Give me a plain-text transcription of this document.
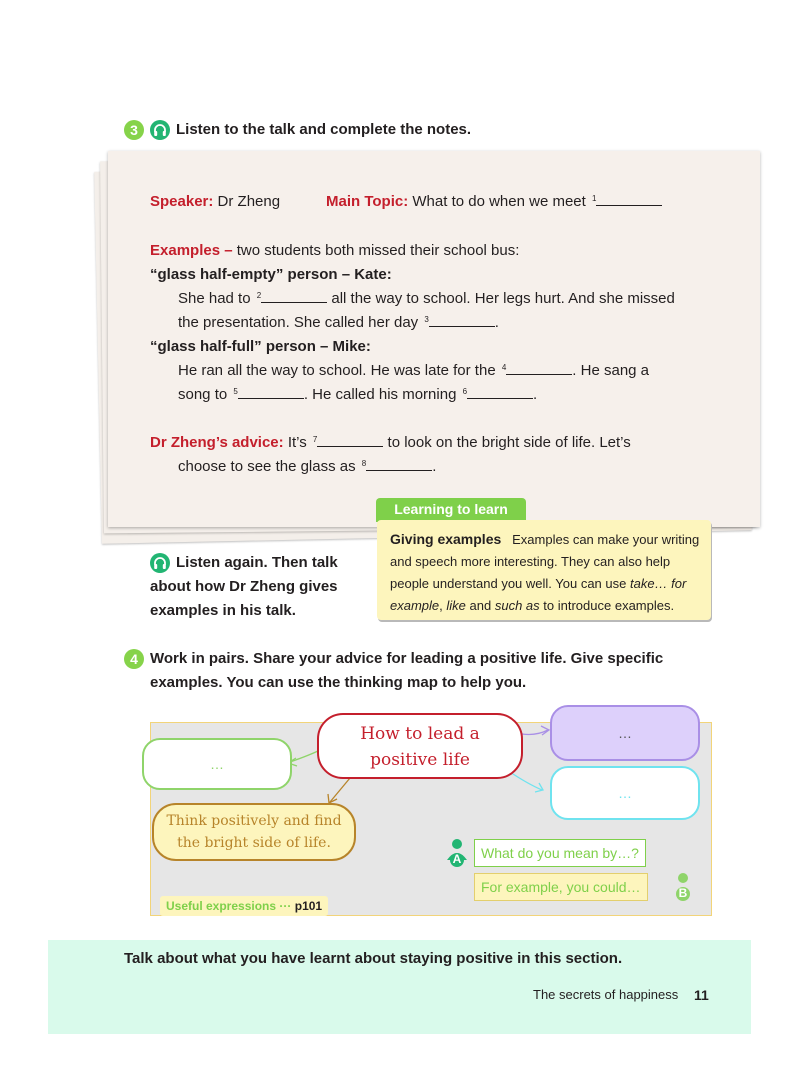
3	Listen to the talk and complete the notes.
Speaker: Dr Zheng	Main Topic: What to do when we meet $^1$
Examples – two students both missed their school bus:
“glass half-empty” person – Kate:
She had to $^2$	all the way to school. Her legs hurt. And she missed
the presentation. She called her day $^3$	.
“glass half-full” person – Mike:
He ran all the way to school. He was late for the $^4$	. He sang a
song to $^5$	. He called his morning $^6$	.
Dr Zheng’s advice: It’s $^7$	to look on the bright side of life. Let’s
choose to see the glass as $^8$	.
Listen again. Then talk
about how Dr Zheng gives
examples in his talk.
Learning to learn
Giving examples Examples can make your writing and speech more interesting. They can also help people understand you well. You can use take… for example, like and such as to introduce examples.
4 Work in pairs. Share your advice for leading a positive life. Give specific
examples. You can use the thinking map to help you.
How to lead a
positive life
…
…
…
Think positively and find
the bright side of life.
A	What do you mean by…?
For example, you could…	B
Useful expressions ··· p101
Talk about what you have learnt about staying positive in this section.
The secrets of happiness 11
